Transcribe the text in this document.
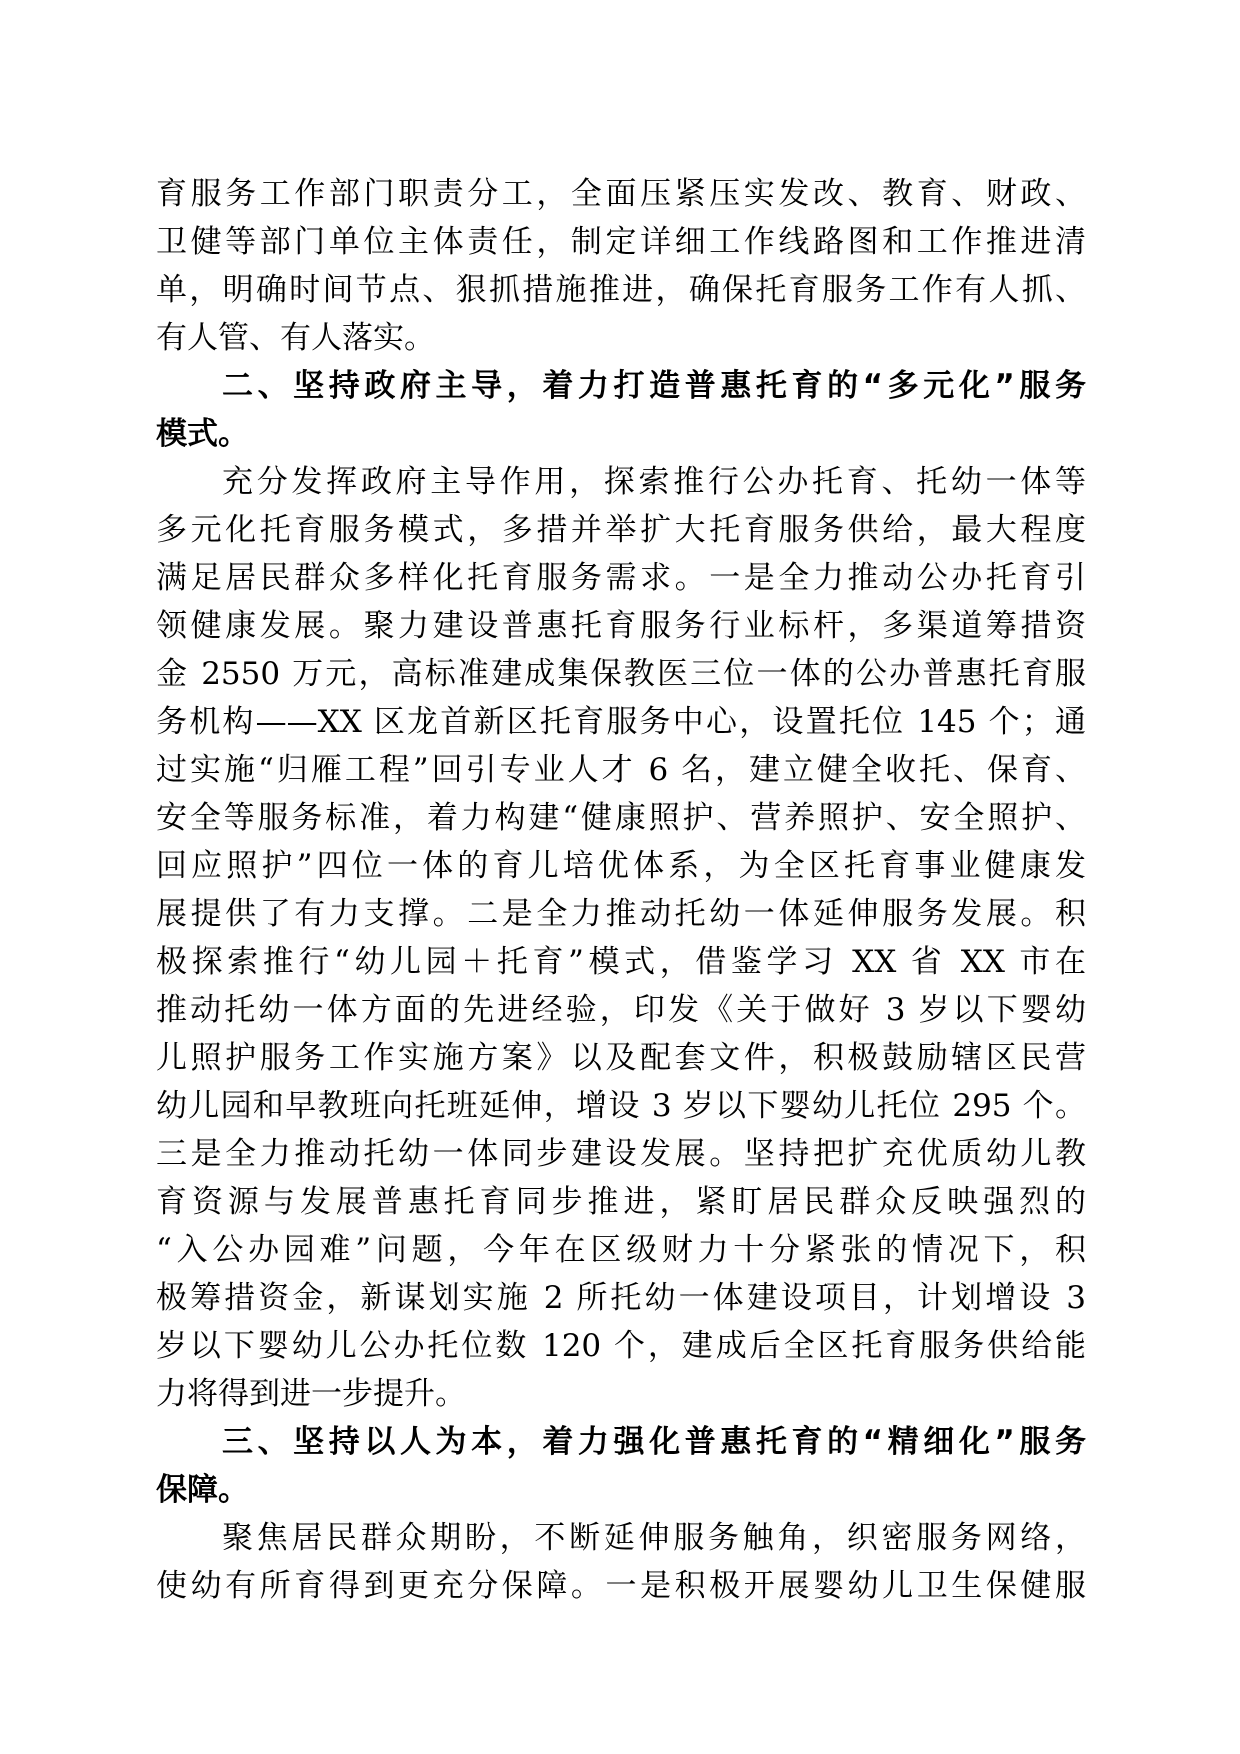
育服务工作部门职责分工，全面压紧压实发改、教育、财政、
卫健等部门单位主体责任，制定详细工作线路图和工作推进清
单，明确时间节点、狠抓措施推进，确保托育服务工作有人抓、
有人管、有人落实。
二、坚持政府主导，着力打造普惠托育的“多元化”服务
模式。
充分发挥政府主导作用，探索推行公办托育、托幼一体等
多元化托育服务模式，多措并举扩大托育服务供给，最大程度
满足居民群众多样化托育服务需求。一是全力推动公办托育引
领健康发展。聚力建设普惠托育服务行业标杆，多渠道筹措资
金 2550 万元，高标准建成集保教医三位一体的公办普惠托育服
务机构——XX 区龙首新区托育服务中心，设置托位 145 个；通
过实施“归雁工程”回引专业人才 6 名，建立健全收托、保育、
安全等服务标准，着力构建“健康照护、营养照护、安全照护、
回应照护”四位一体的育儿培优体系，为全区托育事业健康发
展提供了有力支撑。二是全力推动托幼一体延伸服务发展。积
极探索推行“幼儿园＋托育”模式，借鉴学习 XX 省 XX 市在
推动托幼一体方面的先进经验，印发《关于做好 3 岁以下婴幼
儿照护服务工作实施方案》以及配套文件，积极鼓励辖区民营
幼儿园和早教班向托班延伸，增设 3 岁以下婴幼儿托位 295 个。
三是全力推动托幼一体同步建设发展。坚持把扩充优质幼儿教
育资源与发展普惠托育同步推进，紧盯居民群众反映强烈的
“入公办园难”问题，今年在区级财力十分紧张的情况下，积
极筹措资金，新谋划实施 2 所托幼一体建设项目，计划增设 3
岁以下婴幼儿公办托位数 120 个，建成后全区托育服务供给能
力将得到进一步提升。
三、坚持以人为本，着力强化普惠托育的“精细化”服务
保障。
聚焦居民群众期盼，不断延伸服务触角，织密服务网络，
使幼有所育得到更充分保障。一是积极开展婴幼儿卫生保健服
